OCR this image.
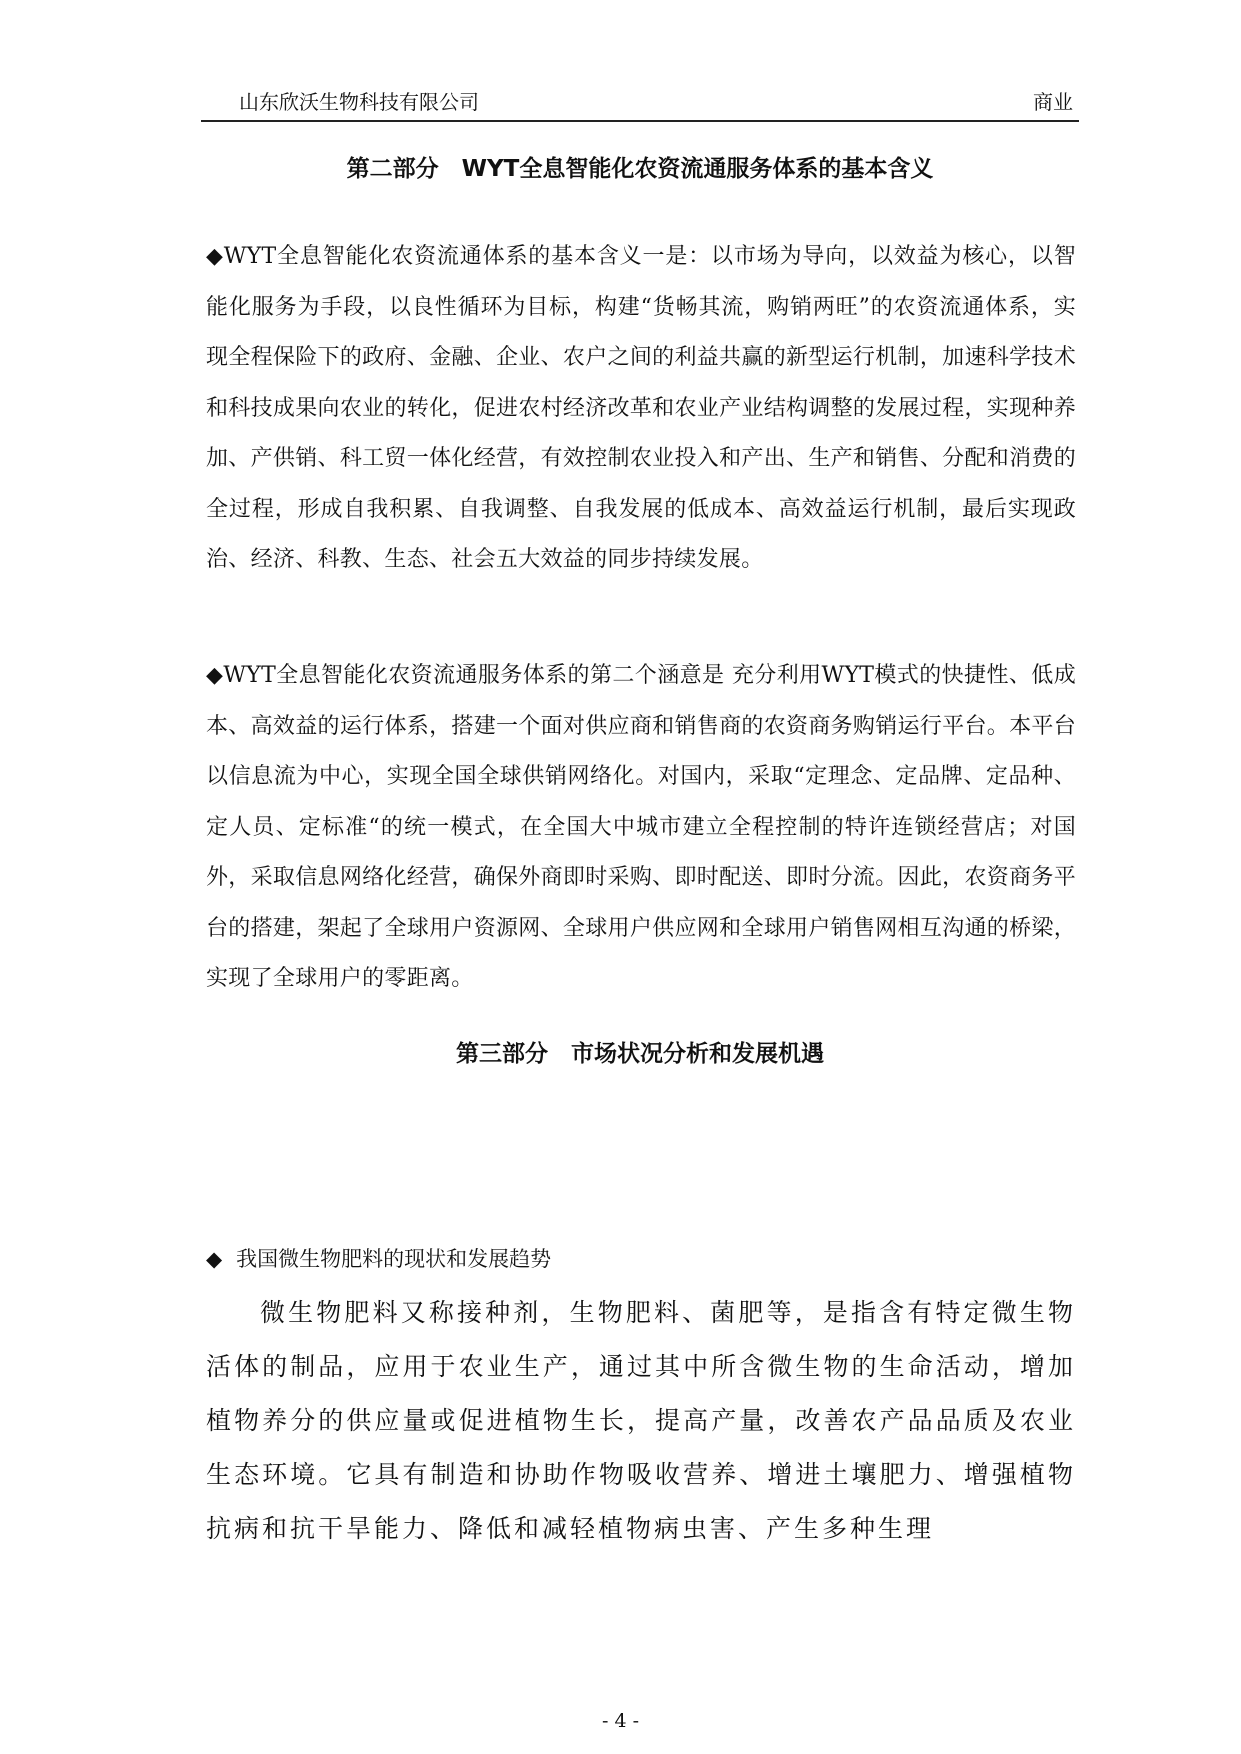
山东欣沃生物科技有限公司	商业
第二部分　WYT全息智能化农资流通服务体系的基本含义

◆WYT全息智能化农资流通体系的基本含义一是：以市场为导向，以效益为核心，以智能化服务为手段，以良性循环为目标，构建“货畅其流，购销两旺”的农资流通体系，实现全程保险下的政府、金融、企业、农户之间的利益共赢的新型运行机制，加速科学技术和科技成果向农业的转化，促进农村经济改革和农业产业结构调整的发展过程，实现种养加、产供销、科工贸一体化经营，有效控制农业投入和产出、生产和销售、分配和消费的全过程，形成自我积累、自我调整、自我发展的低成本、高效益运行机制，最后实现政治、经济、科教、生态、社会五大效益的同步持续发展。

◆WYT全息智能化农资流通服务体系的第二个涵意是 充分利用WYT模式的快捷性、低成本、高效益的运行体系，搭建一个面对供应商和销售商的农资商务购销运行平台。本平台以信息流为中心，实现全国全球供销网络化。对国内，采取“定理念、定品牌、定品种、定人员、定标准“的统一模式，在全国大中城市建立全程控制的特许连锁经营店；对国外，采取信息网络化经营，确保外商即时采购、即时配送、即时分流。因此，农资商务平台的搭建，架起了全球用户资源网、全球用户供应网和全球用户销售网相互沟通的桥梁，实现了全球用户的零距离。

第三部分　市场状况分析和发展机遇
◆ 我国微生物肥料的现状和发展趋势

微生物肥料又称接种剂，生物肥料、菌肥等，是指含有特定微生物活体的制品，应用于农业生产，通过其中所含微生物的生命活动，增加植物养分的供应量或促进植物生长，提高产量，改善农产品品质及农业生态环境。它具有制造和协助作物吸收营养、增进土壤肥力、增强植物抗病和抗干旱能力、降低和减轻植物病虫害、产生多种生理

- 4 -
